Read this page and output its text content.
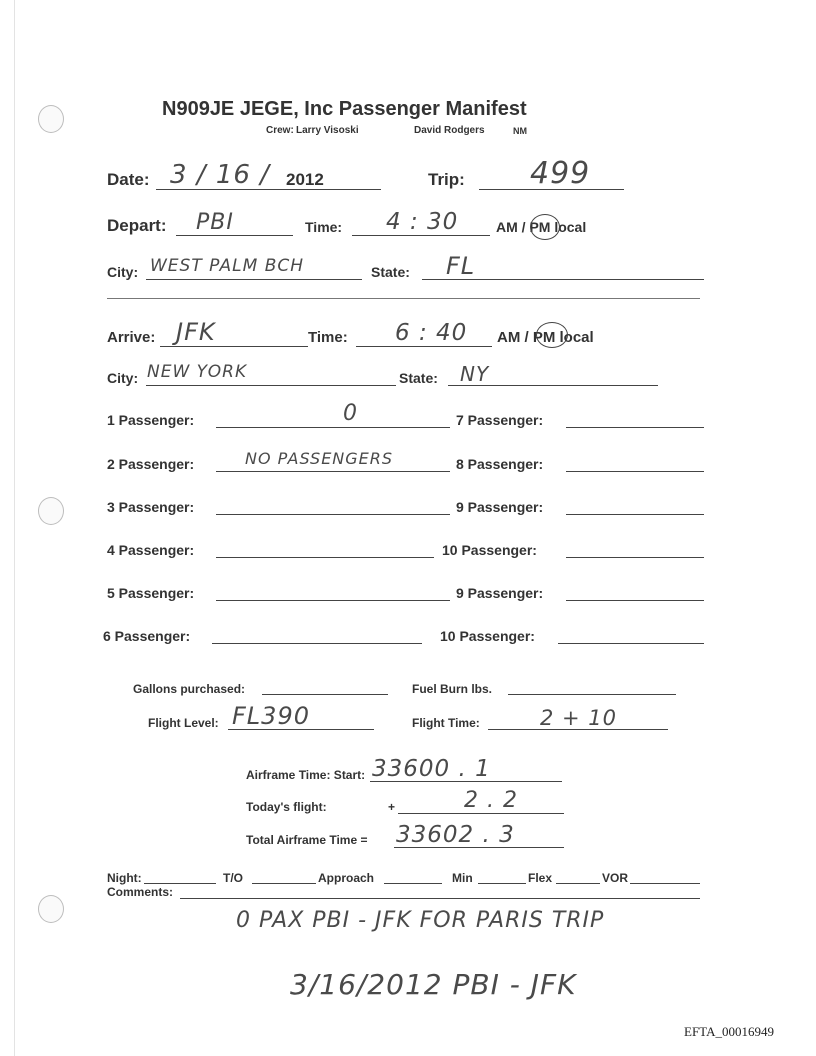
N909JE JEGE, Inc Passenger Manifest
Crew: Larry Visoski	David Rodgers	NM
Date: 3 / 16 / 2012	Trip: 499
Depart: PBI	Time: 4 : 30	AM / PM local
City: WEST PALM BCH	State: FL
Arrive: JFK	Time: 6 : 40 AM / PM local
City: NEW YORK	State: NY
1 Passenger:	0
2 Passenger:	NO PASSENGERS
3 Passenger:
4 Passenger:
5 Passenger:
6 Passenger:
7 Passenger:
8 Passenger:
9 Passenger:
10 Passenger:
9 Passenger:
10 Passenger:
Gallons purchased:	Fuel Burn lbs.
Flight Level: FL390	Flight Time:	2 + 10
Airframe Time: Start: 33600 . 1
Today's flight:	+	2 . 2
Total Airframe Time = 33602 . 3
Night:	T/O	Approach	Min	Flex	VOR
Comments:
0 PAX PBI - JFK FOR PARIS TRIP
3/16/2012 PBI - JFK
EFTA_00016949
